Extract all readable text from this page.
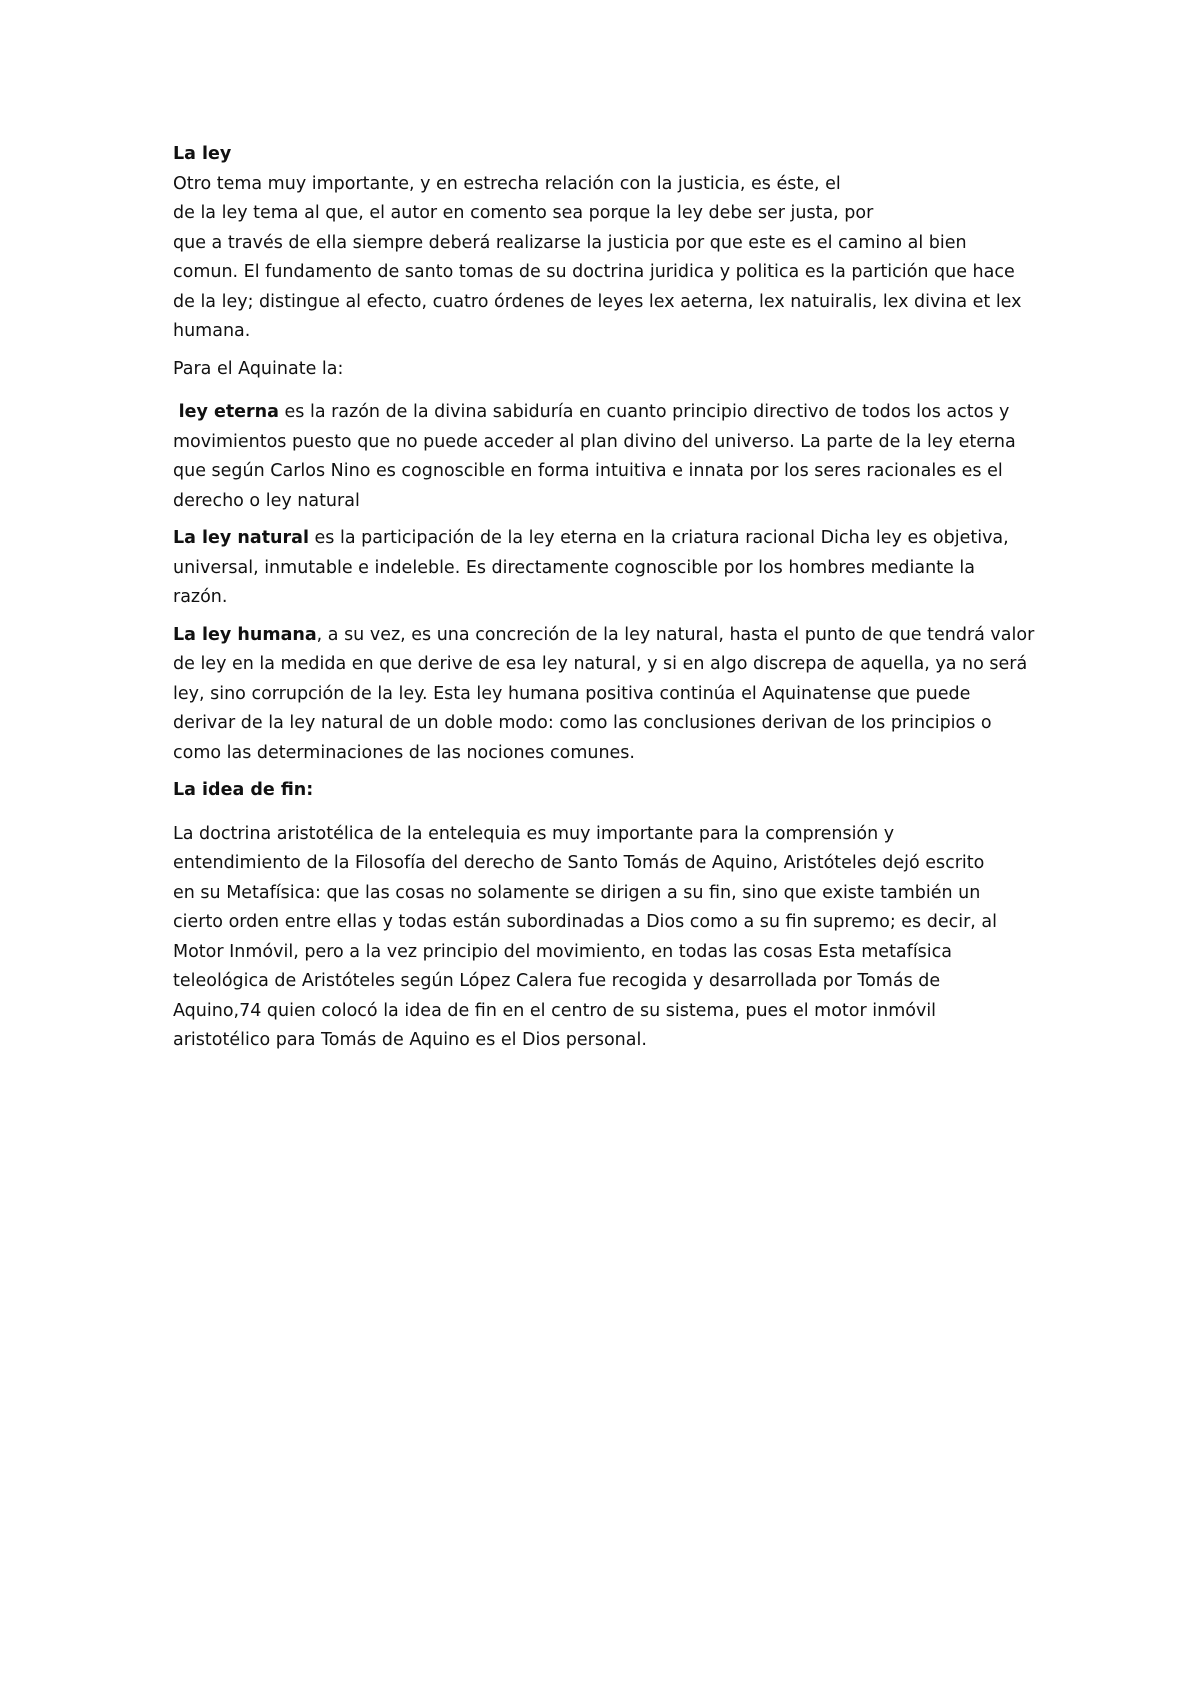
La ley
Otro tema muy importante, y en estrecha relación con la justicia, es éste, el
de la ley tema al que, el autor en comento sea porque la ley debe ser justa, por
que a través de ella siempre deberá realizarse la justicia por que este es el camino al bien
comun. El fundamento de santo tomas de su doctrina juridica y politica es la partición que hace
de la ley; distingue al efecto, cuatro órdenes de leyes lex aeterna, lex natuiralis, lex divina et lex
humana.
Para el Aquinate la:
ley eterna es la razón de la divina sabiduría en cuanto principio directivo de todos los actos y
movimientos puesto que no puede acceder al plan divino del universo. La parte de la ley eterna
que según Carlos Nino es cognoscible en forma intuitiva e innata por los seres racionales es el
derecho o ley natural
La ley natural es la participación de la ley eterna en la criatura racional Dicha ley es objetiva,
universal, inmutable e indeleble. Es directamente cognoscible por los hombres mediante la
razón.
La ley humana, a su vez, es una concreción de la ley natural, hasta el punto de que tendrá valor
de ley en la medida en que derive de esa ley natural, y si en algo discrepa de aquella, ya no será
ley, sino corrupción de la ley. Esta ley humana positiva continúa el Aquinatense que puede
derivar de la ley natural de un doble modo: como las conclusiones derivan de los principios o
como las determinaciones de las nociones comunes.
La idea de fin:
La doctrina aristotélica de la entelequia es muy importante para la comprensión y
entendimiento de la Filosofía del derecho de Santo Tomás de Aquino, Aristóteles dejó escrito
en su Metafísica: que las cosas no solamente se dirigen a su fin, sino que existe también un
cierto orden entre ellas y todas están subordinadas a Dios como a su fin supremo; es decir, al
Motor Inmóvil, pero a la vez principio del movimiento, en todas las cosas Esta metafísica
teleológica de Aristóteles según López Calera fue recogida y desarrollada por Tomás de
Aquino,74 quien colocó la idea de fin en el centro de su sistema, pues el motor inmóvil
aristotélico para Tomás de Aquino es el Dios personal.
